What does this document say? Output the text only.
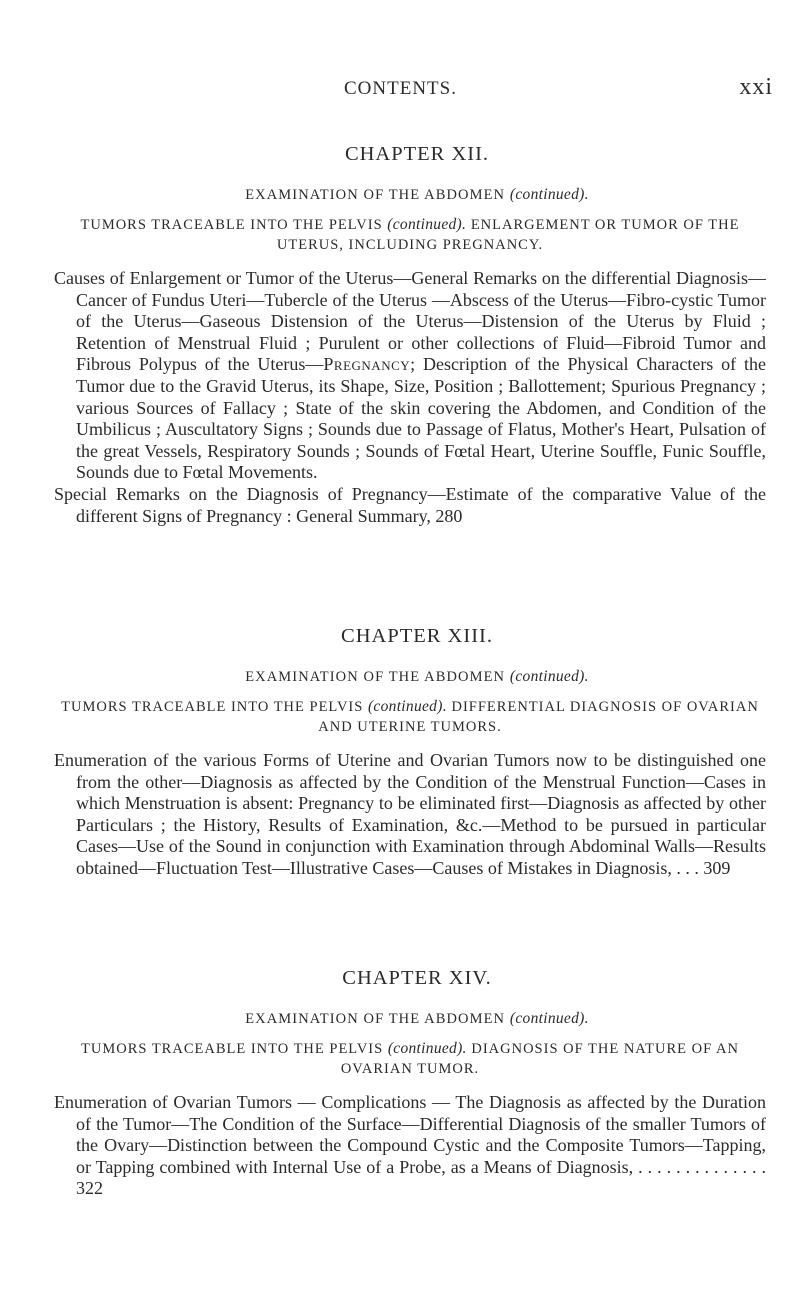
CONTENTS.	xxi
CHAPTER XII.
EXAMINATION OF THE ABDOMEN (continued).
TUMORS TRACEABLE INTO THE PELVIS (continued). ENLARGEMENT OR TUMOR OF THE UTERUS, INCLUDING PREGNANCY.

Causes of Enlargement or Tumor of the Uterus—General Remarks on the differential Diagnosis—Cancer of Fundus Uteri—Tubercle of the Uterus —Abscess of the Uterus—Fibro-cystic Tumor of the Uterus—Gaseous Distension of the Uterus—Distension of the Uterus by Fluid ; Retention of Menstrual Fluid ; Purulent or other collections of Fluid—Fibroid Tumor and Fibrous Polypus of the Uterus—Pregnancy; Description of the Physical Characters of the Tumor due to the Gravid Uterus, its Shape, Size, Position ; Ballottement; Spurious Pregnancy ; various Sources of Fallacy ; State of the skin covering the Abdomen, and Condition of the Umbilicus ; Auscultatory Signs ; Sounds due to Passage of Flatus, Mother's Heart, Pulsation of the great Vessels, Respiratory Sounds ; Sounds of Fœtal Heart, Uterine Souffle, Funic Souffle, Sounds due to Fœtal Movements.

Special Remarks on the Diagnosis of Pregnancy—Estimate of the comparative Value of the different Signs of Pregnancy : General Summary, 280

CHAPTER XIII.
EXAMINATION OF THE ABDOMEN (continued).
TUMORS TRACEABLE INTO THE PELVIS (continued). DIFFERENTIAL DIAGNOSIS OF OVARIAN AND UTERINE TUMORS.

Enumeration of the various Forms of Uterine and Ovarian Tumors now to be distinguished one from the other—Diagnosis as affected by the Condition of the Menstrual Function—Cases in which Menstruation is absent: Pregnancy to be eliminated first—Diagnosis as affected by other Particulars ; the History, Results of Examination, &c.—Method to be pursued in particular Cases—Use of the Sound in conjunction with Examination through Abdominal Walls—Results obtained—Fluctuation Test—Illustrative Cases—Causes of Mistakes in Diagnosis, . . . 309

CHAPTER XIV.
EXAMINATION OF THE ABDOMEN (continued).
TUMORS TRACEABLE INTO THE PELVIS (continued). DIAGNOSIS OF THE NATURE OF AN OVARIAN TUMOR.

Enumeration of Ovarian Tumors — Complications — The Diagnosis as affected by the Duration of the Tumor—The Condition of the Surface—Differential Diagnosis of the smaller Tumors of the Ovary—Distinction between the Compound Cystic and the Composite Tumors—Tapping, or Tapping combined with Internal Use of a Probe, as a Means of Diagnosis, . . . . . . . . . . . . . . 322
